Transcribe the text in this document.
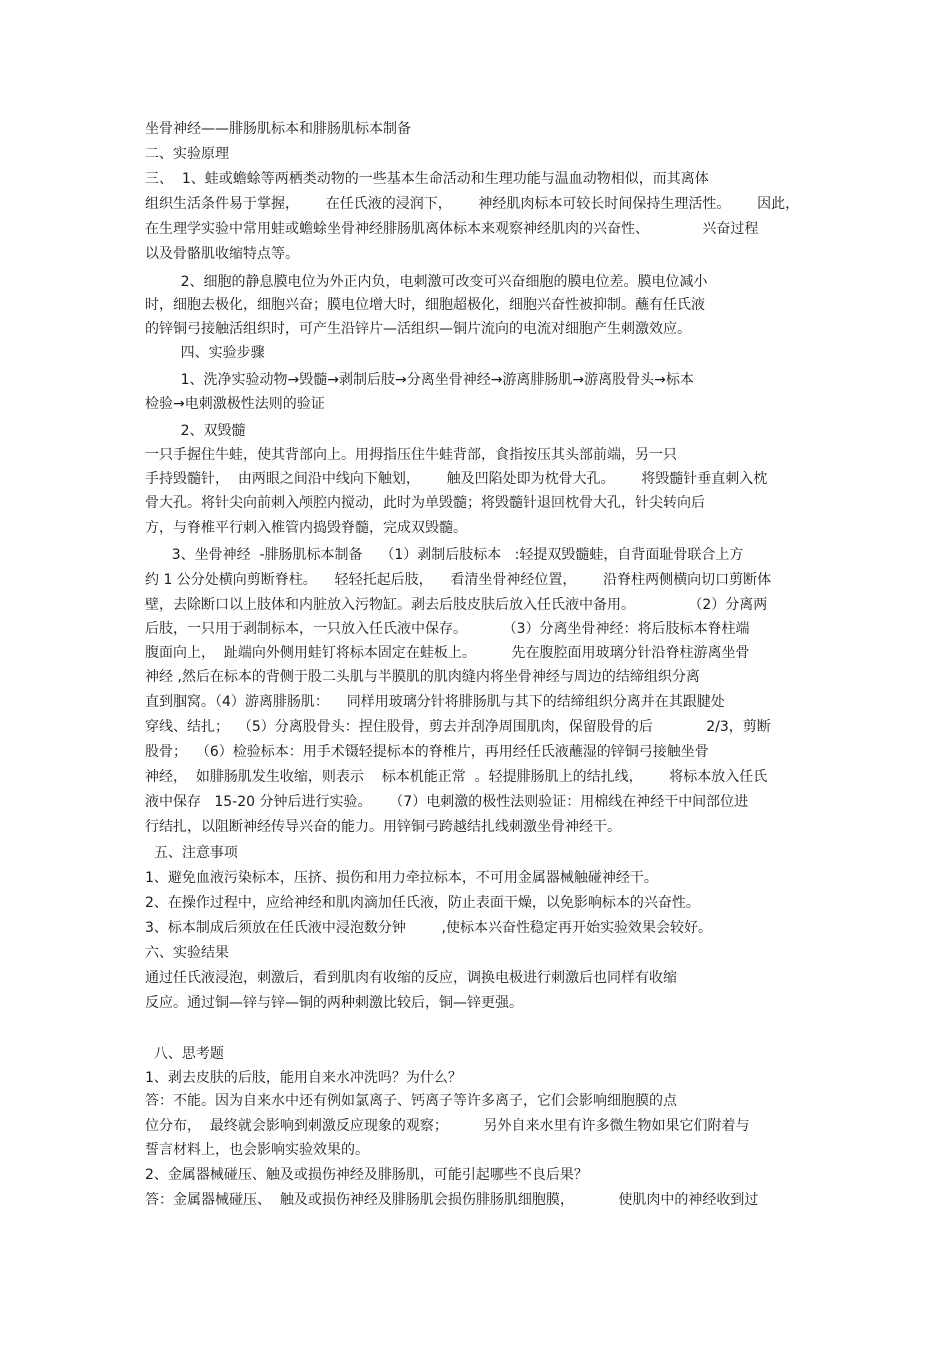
坐骨神经——腓肠肌标本和腓肠肌标本制备
二、实验原理
三、  1、蛙或蟾蜍等两栖类动物的一些基本生命活动和生理功能与温血动物相似，而其离体
组织生活条件易于掌握，      在任氏液的浸润下，      神经肌肉标本可较长时间保持生理活性。      因此，
在生理学实验中常用蛙或蟾蜍坐骨神经腓肠肌离体标本来观察神经肌肉的兴奋性、            兴奋过程
以及骨骼肌收缩特点等。
2、细胞的静息膜电位为外正内负，电刺激可改变可兴奋细胞的膜电位差。膜电位减小
时，细胞去极化，细胞兴奋；膜电位增大时，细胞超极化，细胞兴奋性被抑制。蘸有任氏液
的锌铜弓接触活组织时，可产生沿锌片—活组织—铜片流向的电流对细胞产生刺激效应。
四、实验步骤
1、洗净实验动物→毁髓→剥制后肢→分离坐骨神经→游离腓肠肌→游离股骨头→标本
检验→电刺激极性法则的验证
2、双毁髓
一只手握住牛蛙，使其背部向上。用拇指压住牛蛙背部，食指按压其头部前端，另一只
手持毁髓针，  由两眼之间沿中线向下触划，      触及凹陷处即为枕骨大孔。      将毁髓针垂直刺入枕
骨大孔。将针尖向前刺入颅腔内搅动，此时为单毁髓；将毁髓针退回枕骨大孔，针尖转向后
方，与脊椎平行刺入椎管内捣毁脊髓，完成双毁髓。
3、坐骨神经  -腓肠肌标本制备    （1）剥制后肢标本   :轻提双毁髓蛙，自背面耻骨联合上方
约 1 公分处横向剪断脊柱。    轻轻托起后肢，    看清坐骨神经位置，      沿脊柱两侧横向切口剪断体
壁，去除断口以上肢体和内脏放入污物缸。剥去后肢皮肤后放入任氏液中备用。            （2）分离两
后肢，一只用于剥制标本，一只放入任氏液中保存。        （3）分离坐骨神经：将后肢标本脊柱端
腹面向上，  趾端向外侧用蛙钉将标本固定在蛙板上。        先在腹腔面用玻璃分针沿脊柱游离坐骨
神经 ,然后在标本的背侧于股二头肌与半膜肌的肌肉缝内将坐骨神经与周边的结缔组织分离
直到腘窝。（4）游离腓肠肌：    同样用玻璃分针将腓肠肌与其下的结缔组织分离并在其跟腱处
穿线、结扎；  （5）分离股骨头：捏住股骨，剪去并刮净周围肌肉，保留股骨的后            2/3，剪断
股骨；  （6）检验标本：用手术镊轻提标本的脊椎片，再用经任氏液蘸湿的锌铜弓接触坐骨
神经，  如腓肠肌发生收缩，则表示    标本机能正常  。轻提腓肠肌上的结扎线，      将标本放入任氏
液中保存   15-20 分钟后进行实验。    （7）电刺激的极性法则验证：用棉线在神经干中间部位进
行结扎，以阻断神经传导兴奋的能力。用锌铜弓跨越结扎线刺激坐骨神经干。
五、注意事项
1、避免血液污染标本，压挤、损伤和用力牵拉标本，不可用金属器械触碰神经干。
2、在操作过程中，应给神经和肌肉滴加任氏液，防止表面干燥，以免影响标本的兴奋性。
3、标本制成后须放在任氏液中浸泡数分钟        ,使标本兴奋性稳定再开始实验效果会较好。
六、实验结果
通过任氏液浸泡，刺激后，看到肌肉有收缩的反应，调换电极进行刺激后也同样有收缩
反应。通过铜—锌与锌—铜的两种刺激比较后，铜—锌更强。
八、思考题
1、剥去皮肤的后肢，能用自来水冲洗吗？为什么？
答：不能。因为自来水中还有例如氯离子、钙离子等许多离子，它们会影响细胞膜的点
位分布，  最终就会影响到刺激反应现象的观察；        另外自来水里有许多微生物如果它们附着与
誓言材料上，也会影响实验效果的。
2、金属器械碰压、触及或损伤神经及腓肠肌，可能引起哪些不良后果？
答：金属器械碰压、  触及或损伤神经及腓肠肌会损伤腓肠肌细胞膜，          使肌肉中的神经收到过
